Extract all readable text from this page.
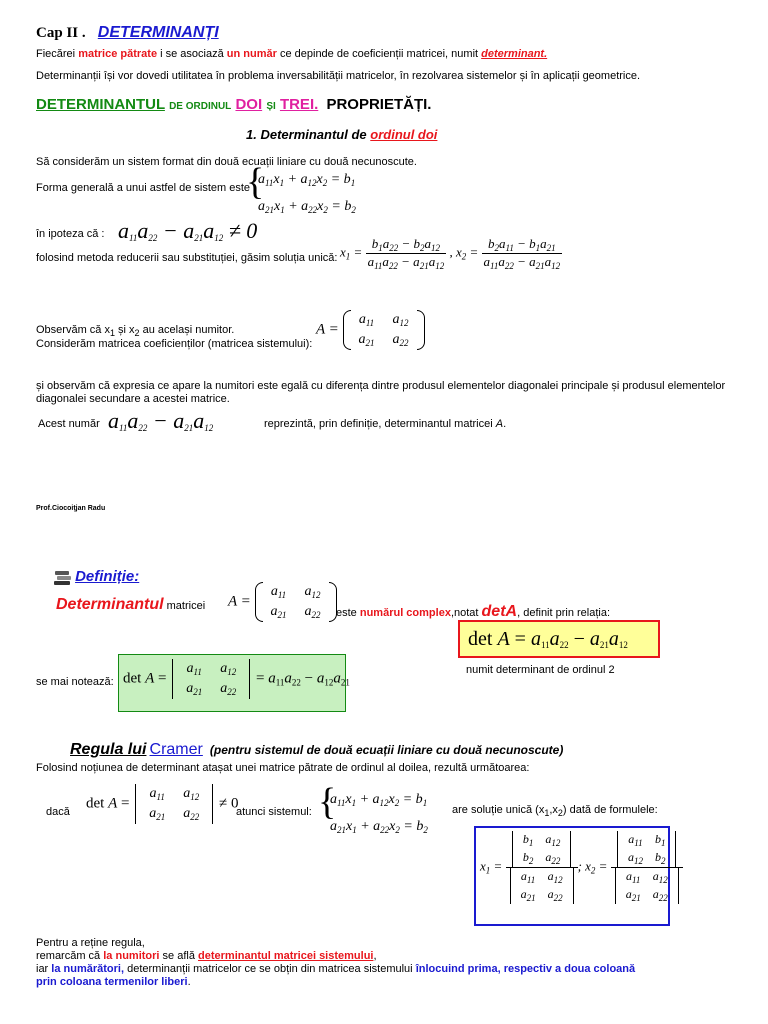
Cap II . DETERMINANȚI
Fiecărei matrice pătrate i se asociază un număr ce depinde de coeficienții matricei, numit determinant.
Determinanții își vor dovedi utilitatea în problema inversabilității matricelor, în rezolvarea sistemelor și în aplicații geometrice.
DETERMINANTUL DE ORDINUL DOI ȘI TREI. PROPRIETĂȚI.
1. Determinantul de ordinul doi
Să considerăm un sistem format din două ecuații liniare cu două necunoscute.
Forma generală a unui astfel de sistem este
{ $a_{11}x_1 + a_{12}x_2 = b_1$
$a_{21}x_1 + a_{22}x_2 = b_2$
în ipoteza că : $a_{11}a_{22} - a_{21}a_{12} \ne 0$
folosind metoda reducerii sau substituției, găsim soluția unică: $x_1 = \frac{b_1a_{22} - b_2a_{12}}{a_{11}a_{22} - a_{21}a_{12}}$ , $x_2 = \frac{b_2a_{11} - b_1a_{21}}{a_{11}a_{22} - a_{21}a_{12}}$
Observăm că $x_1$ și $x_2$ au același numitor.
Considerăm matricea coeficienților (matricea sistemului):
A =
$a_{11}$	$a_{12}$
$a_{21}$	$a_{22}$
și observăm că expresia ce apare la numitori este egală cu diferența dintre produsul elementelor diagonalei principale și produsul elementelor
diagonalei secundare a acestei matrice.
Acest număr $a_{11}a_{22} - a_{21}a_{12}$	reprezintă, prin definiție, determinantul matricei A.
Prof.Ciocoiţjan Radu
Definiție:
Determinantul matricei A =
$a_{11}$	$a_{12}$
$a_{21}$	$a_{22}$ este numărul complex,notat detA, definit prin relația:
$\det A = a_{11}a_{22} - a_{21}a_{12}$
numit determinant de ordinul 2
se mai notează: det A =
$a_{11}$	$a_{12}$
$a_{21}$	$a_{22}$
= $a_{11}a_{22} - a_{12}a_{21}$
Regula lui Cramer (pentru sistemul de două ecuații liniare cu două necunoscute)
Folosind noțiunea de determinant atașat unei matrice pătrate de ordinul al doilea, rezultă următoarea:
dacă
det A =
$a_{11}$	$a_{12}$
$a_{21}$	$a_{22}$
≠ 0
atunci sistemul:
{ $a_{11}x_1 + a_{12}x_2 = b_1$
$a_{21}x_1 + a_{22}x_2 = b_2$
are soluție unică $(x_1,x_2)$ dată de formulele:
$x_1 = b_1$	$a_{12}$
$b_2$	$a_{22}$
$a_{11}$	$a_{12}$
$a_{21}$	$a_{22}$ ; $x_2 = a_{11}$	$b_1$
$a_{12}$	$b_2$
$a_{11}$	$a_{12}$
$a_{21}$	$a_{22}$
Pentru a reține regula,
remarcăm că la numitori se află determinantul matricei sistemului,
iar la numărători, determinanții matricelor ce se obțin din matricea sistemului înlocuind prima, respectiv a doua coloană
prin coloana termenilor liberi.
